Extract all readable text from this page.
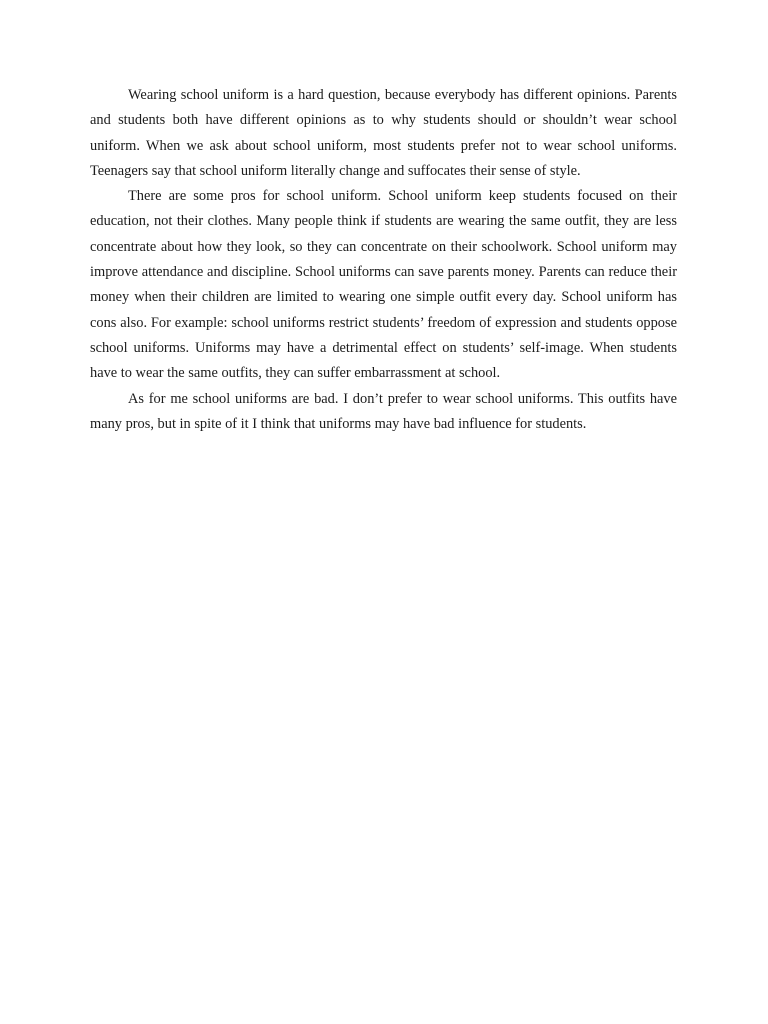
Wearing school uniform is a hard question, because everybody has different opinions. Parents and students both have different opinions as to why students should or shouldn’t wear school uniform. When we ask about school uniform, most students prefer not to wear school uniforms. Teenagers say that school uniform literally change and suffocates their sense of style.

There are some pros for school uniform. School uniform keep students focused on their education, not their clothes. Many people think if students are wearing the same outfit, they are less concentrate about how they look, so they can concentrate on their schoolwork. School uniform may improve attendance and discipline. School uniforms can save parents money. Parents can reduce their money when their children are limited to wearing one simple outfit every day. School uniform has cons also. For example: school uniforms restrict students’ freedom of expression and students oppose school uniforms. Uniforms may have a detrimental effect on students’ self-image. When students have to wear the same outfits, they can suffer embarrassment at school.

As for me school uniforms are bad. I don’t prefer to wear school uniforms. This outfits have many pros, but in spite of it I think that uniforms may have bad influence for students.
